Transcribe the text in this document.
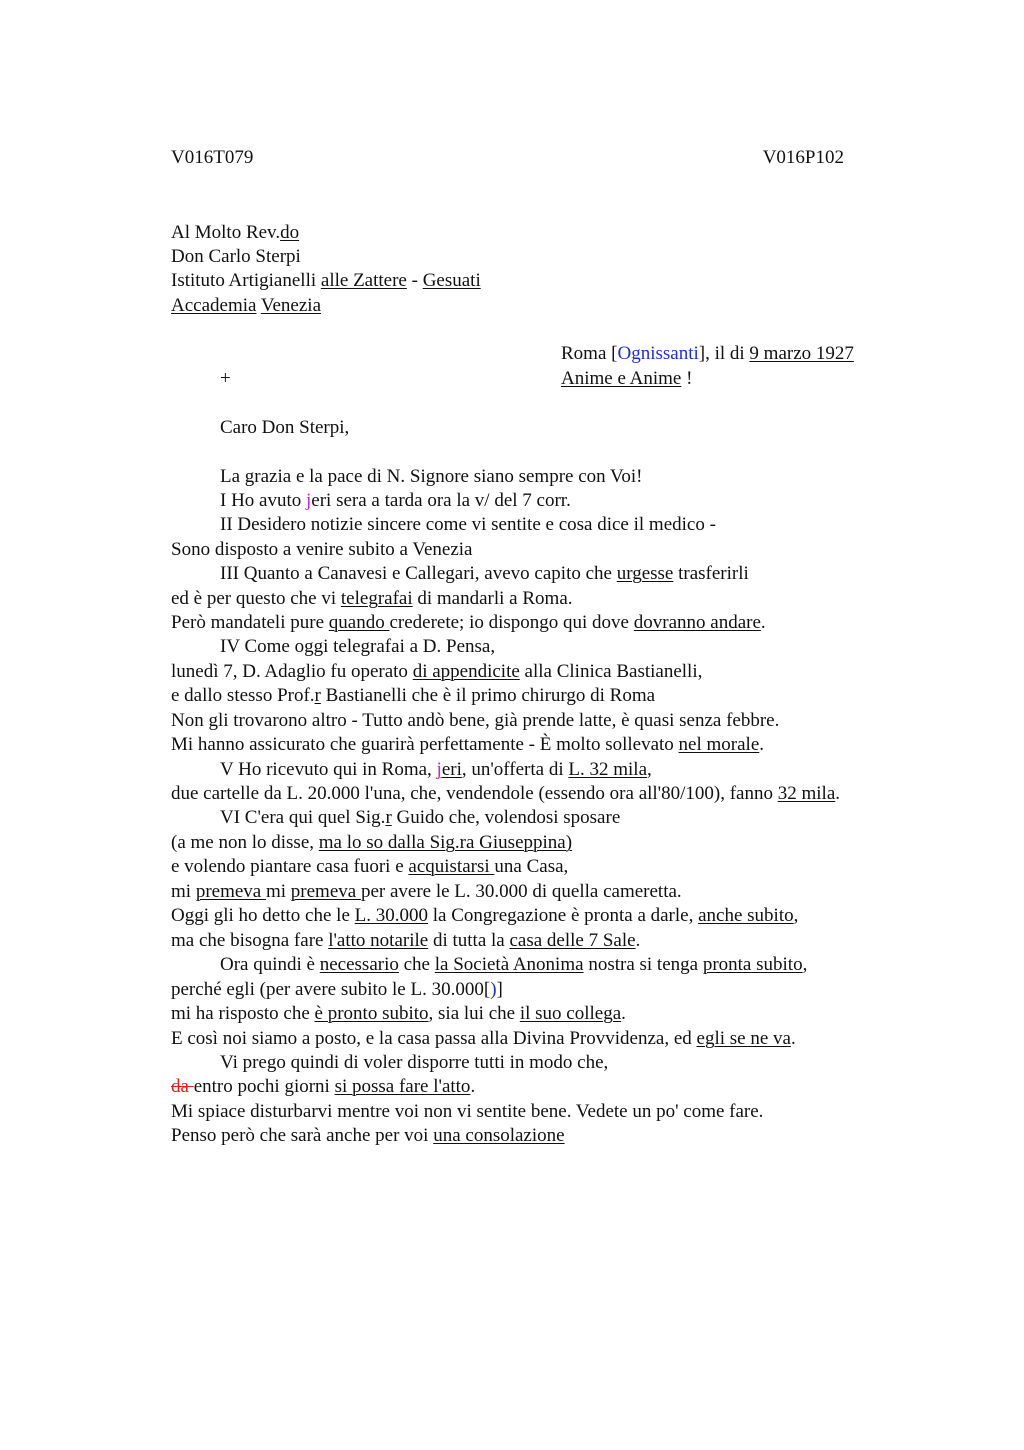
V016T079	V016P102
Al Molto Rev.do
Don Carlo Sterpi
Istituto Artigianelli alle Zattere - Gesuati
Accademia Venezia
Roma [Ognissanti], il di 9 marzo 1927
+	Anime e Anime !
Caro Don Sterpi,
La grazia e la pace di N. Signore siano sempre con Voi!
I Ho avuto jeri sera a tarda ora la v/ del 7 corr.
II Desidero notizie sincere come vi sentite e cosa dice il medico -
Sono disposto a venire subito a Venezia
III Quanto a Canavesi e Callegari, avevo capito che urgesse trasferirli
ed è per questo che vi telegrafai di mandarli a Roma.
Però mandateli pure quando crederete; io dispongo qui dove dovranno andare.
IV Come oggi telegrafai a D. Pensa,
lunedì 7, D. Adaglio fu operato di appendicite alla Clinica Bastianelli,
e dallo stesso Prof.r Bastianelli che è il primo chirurgo di Roma
Non gli trovarono altro - Tutto andò bene, già prende latte, è quasi senza febbre.
Mi hanno assicurato che guarirà perfettamente - È molto sollevato nel morale.
V Ho ricevuto qui in Roma, jeri, un'offerta di L. 32 mila,
due cartelle da L. 20.000 l'una, che, vendendole (essendo ora all'80/100), fanno 32 mila.
VI C'era qui quel Sig.r Guido che, volendosi sposare
(a me non lo disse, ma lo so dalla Sig.ra Giuseppina)
e volendo piantare casa fuori e acquistarsi una Casa,
mi premeva mi premeva per avere le L. 30.000 di quella cameretta.
Oggi gli ho detto che le L. 30.000 la Congregazione è pronta a darle, anche subito,
ma che bisogna fare l'atto notarile di tutta la casa delle 7 Sale.
Ora quindi è necessario che la Società Anonima nostra si tenga pronta subito,
perché egli (per avere subito le L. 30.000[)]
mi ha risposto che è pronto subito, sia lui che il suo collega.
E così noi siamo a posto, e la casa passa alla Divina Provvidenza, ed egli se ne va.
Vi prego quindi di voler disporre tutti in modo che,
da entro pochi giorni si possa fare l'atto.
Mi spiace disturbarvi mentre voi non vi sentite bene. Vedete un po' come fare.
Penso però che sarà anche per voi una consolazione
